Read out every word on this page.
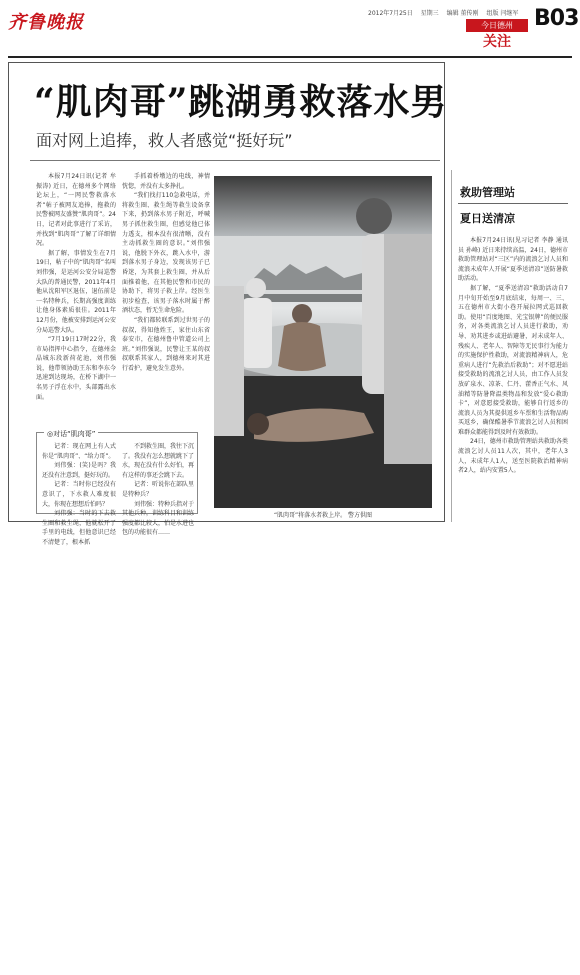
齐鲁晚报	2012年7月25日 星期三 编辑 董传刚 组版 闫继军
今日德州
关注
B03
“肌肉哥”跳湖勇救落水男
面对网上追捧，救人者感觉“挺好玩”

本报7月24日讯(记者 牟振涛) 近日，在德州多个网络论坛上，“一网民警救落水者”帖子被网友追捧，拖救的民警被网友盛赞“肌肉哥”。24日，记者对此事进行了采访，并找到“肌肉哥”了解了详细情况。

据了解，事情发生在7月19日，帖子中的“肌肉哥”名叫刘伟强，是运河公安分局巡警大队的普通民警，2011年4月他从沈阳军区退伍，退伍前是一名特种兵，长期高强度训练让他身体素质很佳。2011年12月份，他被安排到运河公安分局巡警大队。

“7月19日17时22分，我市局指挥中心指令，在德州金晶城东段新荷花池，刘伟强说，他带领协助王东和李东今迅速到达现场，在桥下湖中一名男子浮在水中，头部露出水面。

手抓着桥墩边的电线，神情恍惚，并没有太多挣扎。

“我们找打110急救电话，并将救生圈、救生绳等救生设备拿下来，扔到落水男子附近，呼喊男子抓住救生圈，但感觉他已体力透支，根本没有很清晰，没有主动抓救生圈的意识。”刘伟强说，他脱下外衣，跳入水中，游到落水男子身边，发现该男子已昏迷，为其套上救生圈，并从后面推着他，在其他民警和市民的协助下，将男子救上岸。经医生初步检查，该男子落水时属于醉酒状态，暂无生命危险。

“我们都转联系到过世男子的叔叔，得知他姓王，家住山东省泰安市，在德州鲁中管道公司上班。”刘伟强说，民警让王某的叔叔联系其家人，到德州来对其进行看护，避免发生意外。

“肌肉哥”将落水者救上岸。 警方供图
◎对话“肌肉哥”

记者：现在网上有人式你是“肌肉哥”、“给力哥”。

刘伟强：(笑)是吗？我还没有注意到，挺好玩的。

记者：当时你已经没有意识了，下水救人难度很大，你现在想想后怕吗？

刘伟强：当时的下去救生圈和救生绳，他就松开了手里的电线，但他意识已经不清楚了，根本抓

不到救生圈，我往下沉了。我没有怎么想就跳下了水，现在没有什么好怕，再有这样的事还会跳下去。

记者：听说你在部队里是特种兵？

刘伟强：特种兵指对于其他兵种，训练科目和训练强度都比较大，怕是水进也包的功能很有……

救助管理站
夏日送清凉

本报7月24日讯(见习记者 李静 通讯员 孙峰) 近日来持续高温，24日，德州市救助管理站对“三区”内的流浪乞讨人员和流浪未成年人开展“夏季送清凉”送防暑救助活动。

据了解，“夏季送清凉”救助活动自7月中旬开始至9月底结束，每周一、三、五在德州市大街小巷开展拉网式巡回救助。使用“百度地图、光宝银牌”的便民服务，对各类流浪乞讨人员进行救助，劝导、劝其进乡或进站避暑，对未成年人、残疾人、老年人、智障等无民事行为能力的实施保护性救助，对流浪精神病人，危重病人进行“先救治后救助”；对不愿进站接受救助的流浪乞讨人员，由工作人员发放矿泉水、凉茶、仁丹、藿香正气水、风油精等防暑降温类物品和发放“爱心救助卡”，对意愿接受救助，能够自行返乡的流浪人员为其提供返乡车票和生活物品购买返乡，确保酷暑季节流浪乞讨人员和困难群众都能得到及时有效救助。

24日，德州市救助管理站共救助各类流浪乞讨人员11人次，其中，老年人3人，未成年人1人，送至医院救治精神病者2人，站内安置5人。
